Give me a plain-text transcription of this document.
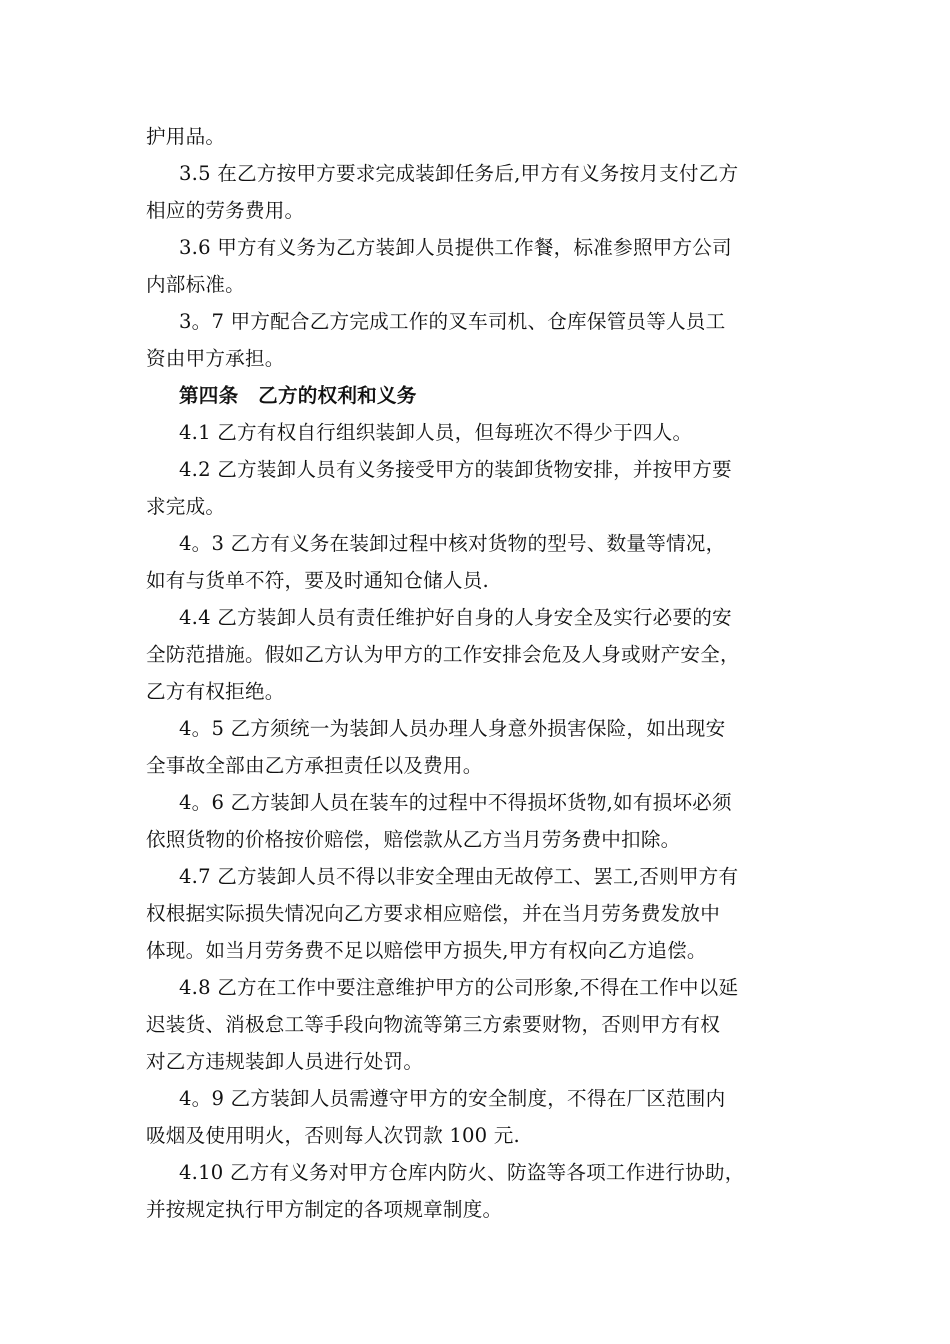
护用品。
3.5 在乙方按甲方要求完成装卸任务后,甲方有义务按月支付乙方
相应的劳务费用。
3.6 甲方有义务为乙方装卸人员提供工作餐，标准参照甲方公司
内部标准。
3。7 甲方配合乙方完成工作的叉车司机、仓库保管员等人员工
资由甲方承担。
第四条　乙方的权利和义务
4.1 乙方有权自行组织装卸人员，但每班次不得少于四人。
4.2 乙方装卸人员有义务接受甲方的装卸货物安排，并按甲方要
求完成。
4。3 乙方有义务在装卸过程中核对货物的型号、数量等情况，
如有与货单不符，要及时通知仓储人员.
4.4 乙方装卸人员有责任维护好自身的人身安全及实行必要的安
全防范措施。假如乙方认为甲方的工作安排会危及人身或财产安全，
乙方有权拒绝。
4。5 乙方须统一为装卸人员办理人身意外损害保险，如出现安
全事故全部由乙方承担责任以及费用。
4。6 乙方装卸人员在装车的过程中不得损坏货物,如有损坏必须
依照货物的价格按价赔偿，赔偿款从乙方当月劳务费中扣除。
4.7 乙方装卸人员不得以非安全理由无故停工、罢工,否则甲方有
权根据实际损失情况向乙方要求相应赔偿，并在当月劳务费发放中
体现。如当月劳务费不足以赔偿甲方损失,甲方有权向乙方追偿。
4.8 乙方在工作中要注意维护甲方的公司形象,不得在工作中以延
迟装货、消极怠工等手段向物流等第三方索要财物，否则甲方有权
对乙方违规装卸人员进行处罚。
4。9 乙方装卸人员需遵守甲方的安全制度，不得在厂区范围内
吸烟及使用明火，否则每人次罚款 100 元.
4.10 乙方有义务对甲方仓库内防火、防盗等各项工作进行协助，
并按规定执行甲方制定的各项规章制度。
